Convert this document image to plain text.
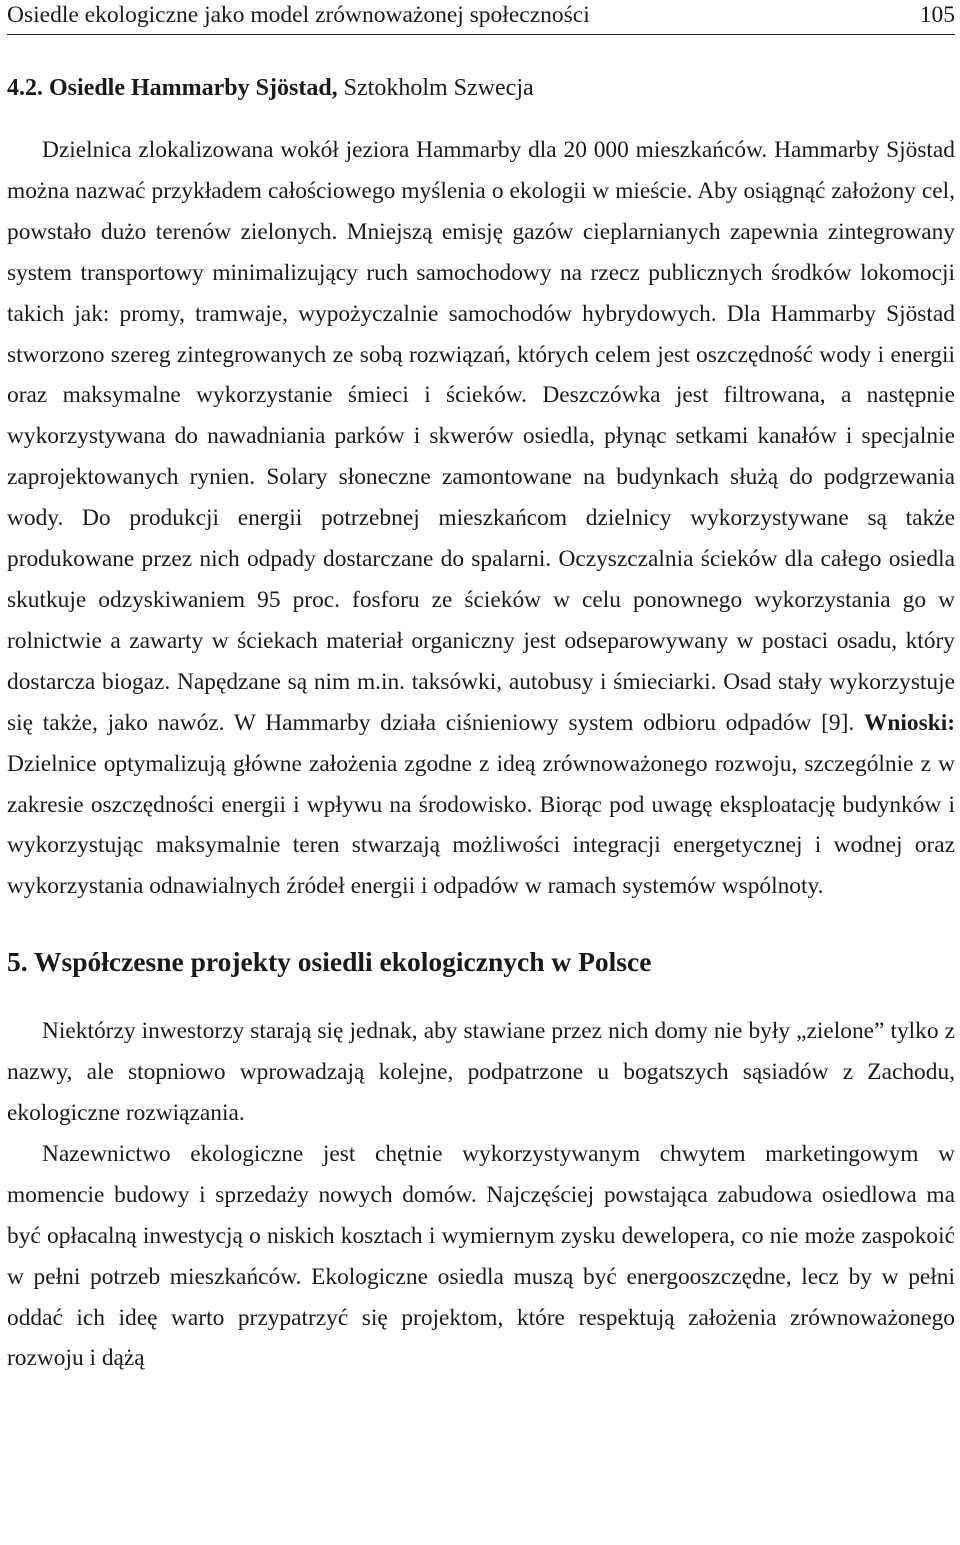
Osiedle ekologiczne jako model zrównoważonej społeczności	105
4.2. Osiedle Hammarby Sjöstad, Sztokholm Szwecja

Dzielnica zlokalizowana wokół jeziora Hammarby dla 20 000 mieszkańców. Hammarby Sjöstad można nazwać przykładem całościowego myślenia o ekologii w mieście. Aby osiągnąć założony cel, powstało dużo terenów zielonych. Mniejszą emisję gazów cieplarnianych zapewnia zintegrowany system transportowy minimalizujący ruch samochodowy na rzecz publicznych środków lokomocji takich jak: promy, tramwaje, wypożyczalnie samochodów hybrydowych. Dla Hammarby Sjöstad stworzono szereg zintegrowanych ze sobą rozwiązań, których celem jest oszczędność wody i energii oraz maksymalne wykorzystanie śmieci i ścieków. Deszczówka jest filtrowana, a następnie wykorzystywana do nawadniania parków i skwerów osiedla, płynąc setkami kanałów i specjalnie zaprojektowanych rynien. Solary słoneczne zamontowane na budynkach służą do podgrzewania wody. Do produkcji energii potrzebnej mieszkańcom dzielnicy wykorzystywane są także produkowane przez nich odpady dostarczane do spalarni. Oczyszczalnia ścieków dla całego osiedla skutkuje odzyskiwaniem 95 proc. fosforu ze ścieków w celu ponownego wykorzystania go w rolnictwie a zawarty w ściekach materiał organiczny jest odseparowywany w postaci osadu, który dostarcza biogaz. Napędzane są nim m.in. taksówki, autobusy i śmieciarki. Osad stały wykorzystuje się także, jako nawóz. W Hammarby działa ciśnieniowy system odbioru odpadów [9]. Wnioski: Dzielnice optymalizują główne założenia zgodne z ideą zrównoważonego rozwoju, szczególnie z w zakresie oszczędności energii i wpływu na środowisko. Biorąc pod uwagę eksploatację budynków i wykorzystując maksymalnie teren stwarzają możliwości integracji energetycznej i wodnej oraz wykorzystania odnawialnych źródeł energii i odpadów w ramach systemów wspólnoty.

5. Współczesne projekty osiedli ekologicznych w Polsce

Niektórzy inwestorzy starają się jednak, aby stawiane przez nich domy nie były „zielone” tylko z nazwy, ale stopniowo wprowadzają kolejne, podpatrzone u bogatszych sąsiadów z Zachodu, ekologiczne rozwiązania.

Nazewnictwo ekologiczne jest chętnie wykorzystywanym chwytem marketingowym w momencie budowy i sprzedaży nowych domów. Najczęściej powstająca zabudowa osiedlowa ma być opłacalną inwestycją o niskich kosztach i wymiernym zysku dewelopera, co nie może zaspokoić w pełni potrzeb mieszkańców. Ekologiczne osiedla muszą być energooszczędne, lecz by w pełni oddać ich ideę warto przypatrzyć się projektom, które respektują założenia zrównoważonego rozwoju i dążą
